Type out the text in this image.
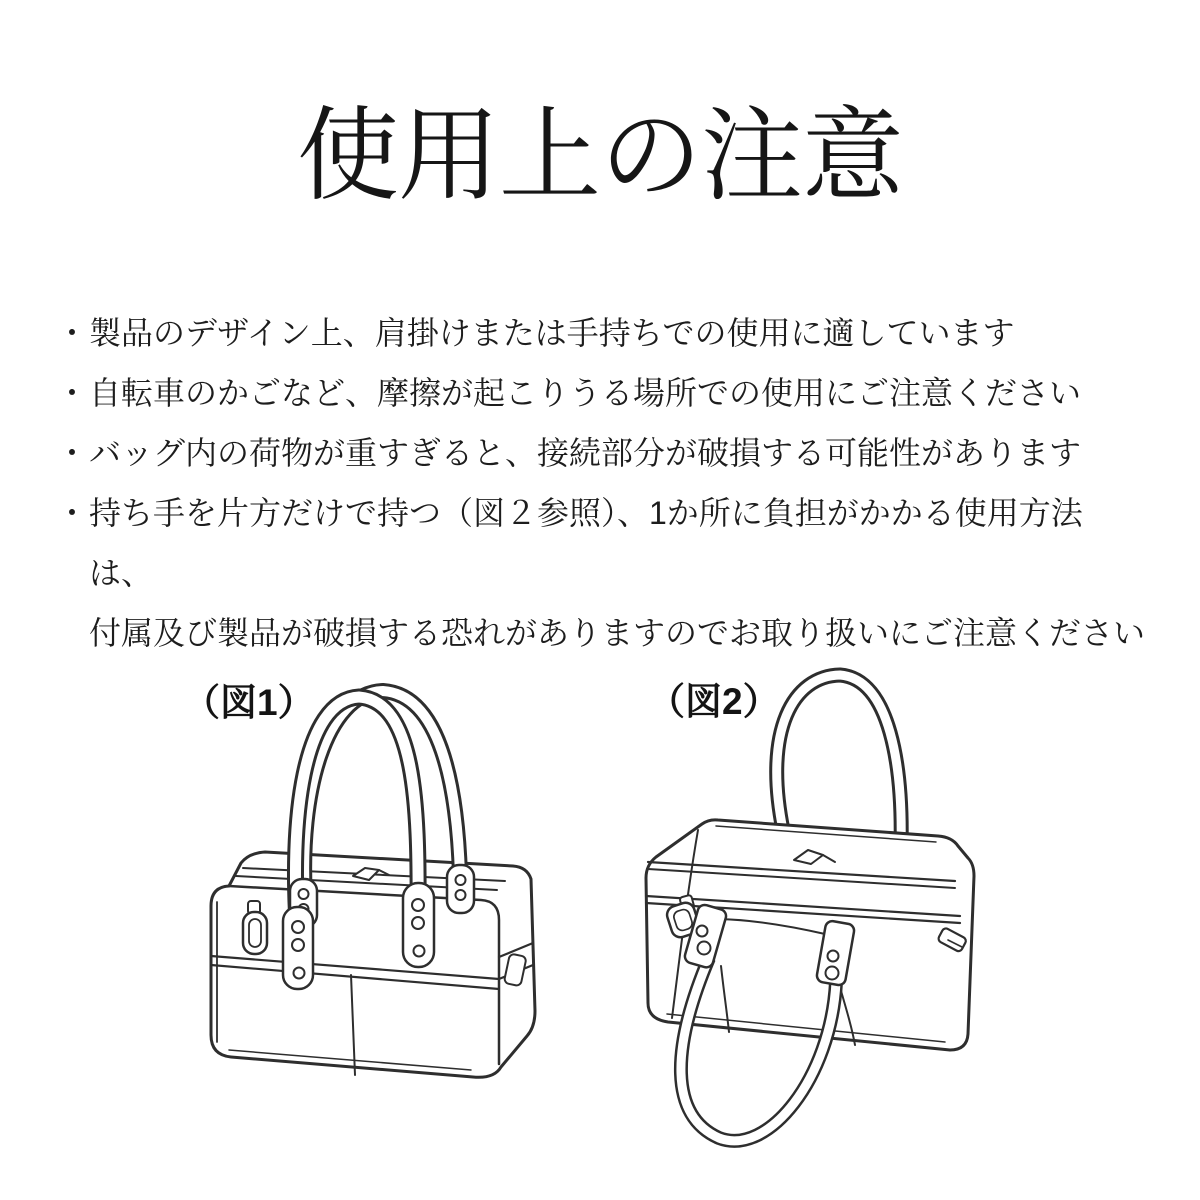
使用上の注意
・ 製品のデザイン上、肩掛けまたは手持ちでの使用に適しています
・ 自転車のかごなど、摩擦が起こりうる場所での使用にご注意ください
・ バッグ内の荷物が重すぎると、接続部分が破損する可能性があります
・ 持ち手を片方だけで持つ（図２参照）、1か所に負担がかかる使用方法は、
付属及び製品が破損する恐れがありますのでお取り扱いにご注意ください
（図1）	（図2）
